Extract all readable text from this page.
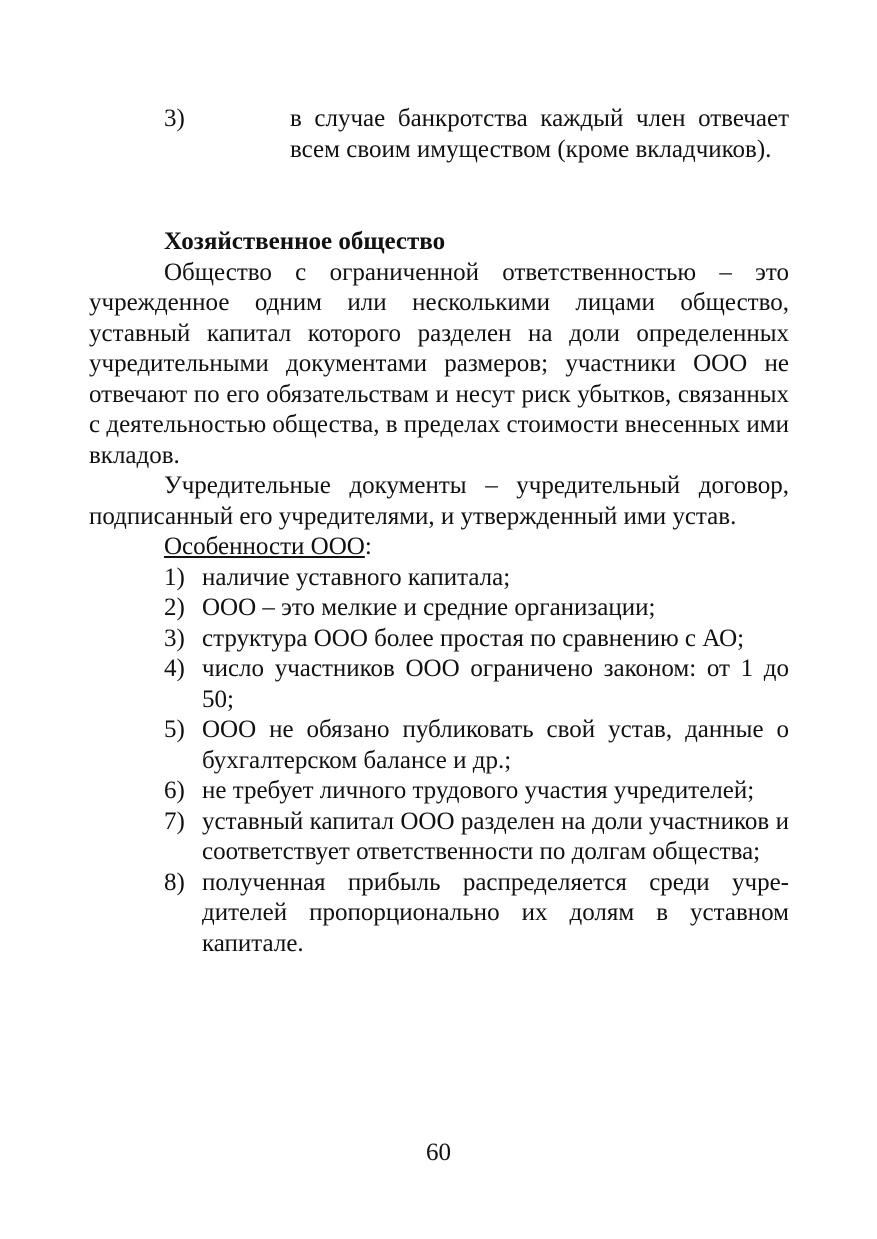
3)	в случае банкротства каждый член отвечает всем своим имуществом (кроме вкладчиков).

Хозяйственное общество

Общество с ограниченной ответственностью – это учрежденное одним или несколькими лицами общество, уставный капитал которого разделен на доли определенных учредительными документами размеров; участники ООО не отвечают по его обязательствам и несут риск убытков, связанных с деятельностью общества, в пределах стоимости внесенных ими вкладов.

Учредительные документы – учредительный договор, подписанный его учредителями, и утвержденный ими устав.

Особенности ООО:

1) наличие уставного капитала;
2) ООО – это мелкие и средние организации;
3) структура ООО более простая по сравнению с АО;
4) число участников ООО ограничено законом: от 1 до 50;
5) ООО не обязано публиковать свой устав, данные о бухгалтерском балансе и др.;
6) не требует личного трудового участия учредителей;
7) уставный капитал ООО разделен на доли участников и соответствует ответственности по долгам общества;
8) полученная прибыль распределяется среди учредителей пропорционально их долям в уставном капитале.
60
